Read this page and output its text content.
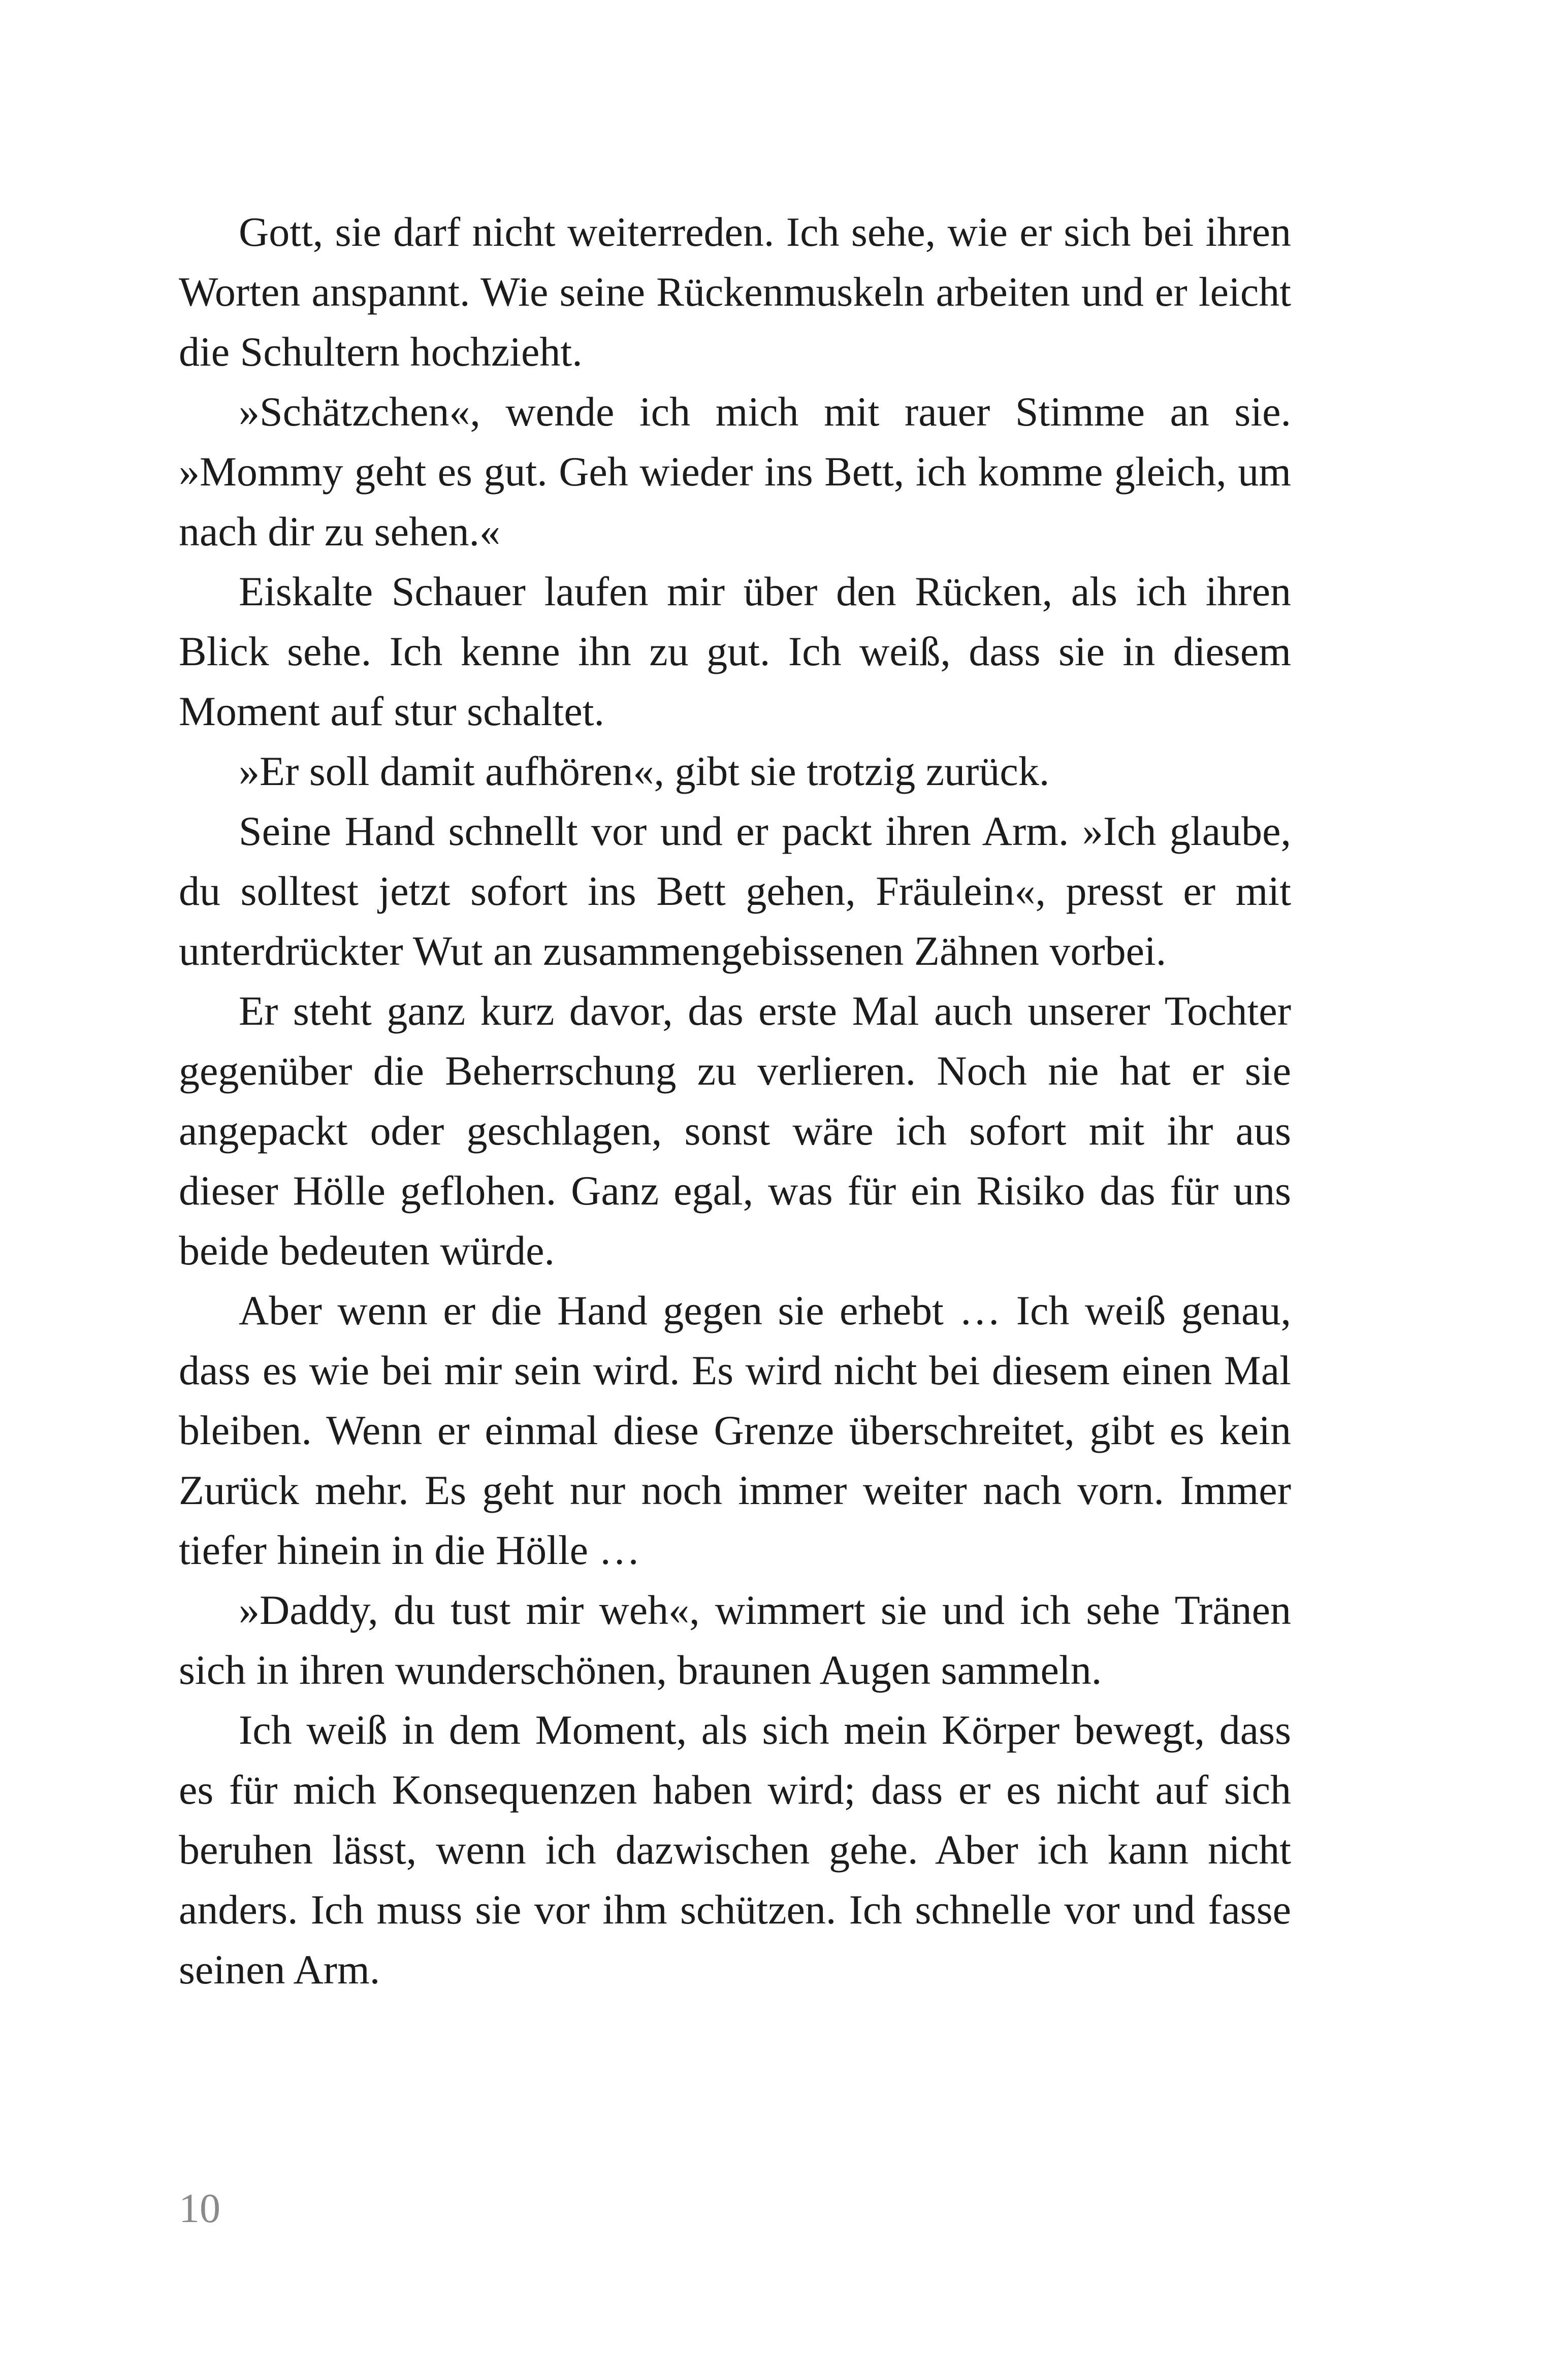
Gott, sie darf nicht weiterreden. Ich sehe, wie er sich bei ihren Worten anspannt. Wie seine Rückenmuskeln arbeiten und er leicht die Schultern hochzieht.

»Schätzchen«, wende ich mich mit rauer Stimme an sie. »Mommy geht es gut. Geh wieder ins Bett, ich komme gleich, um nach dir zu sehen.«

Eiskalte Schauer laufen mir über den Rücken, als ich ihren Blick sehe. Ich kenne ihn zu gut. Ich weiß, dass sie in diesem Moment auf stur schaltet.

»Er soll damit aufhören«, gibt sie trotzig zurück.

Seine Hand schnellt vor und er packt ihren Arm. »Ich glaube, du solltest jetzt sofort ins Bett gehen, Fräulein«, presst er mit unterdrückter Wut an zusammengebissenen Zähnen vorbei.

Er steht ganz kurz davor, das erste Mal auch unserer Tochter gegenüber die Beherrschung zu verlieren. Noch nie hat er sie angepackt oder geschlagen, sonst wäre ich sofort mit ihr aus dieser Hölle geflohen. Ganz egal, was für ein Risiko das für uns beide bedeuten würde.

Aber wenn er die Hand gegen sie erhebt … Ich weiß genau, dass es wie bei mir sein wird. Es wird nicht bei diesem einen Mal bleiben. Wenn er einmal diese Grenze überschreitet, gibt es kein Zurück mehr. Es geht nur noch immer weiter nach vorn. Immer tiefer hinein in die Hölle …

»Daddy, du tust mir weh«, wimmert sie und ich sehe Tränen sich in ihren wunderschönen, braunen Augen sammeln.

Ich weiß in dem Moment, als sich mein Körper bewegt, dass es für mich Konsequenzen haben wird; dass er es nicht auf sich beruhen lässt, wenn ich dazwischen gehe. Aber ich kann nicht anders. Ich muss sie vor ihm schützen. Ich schnelle vor und fasse seinen Arm.

10
